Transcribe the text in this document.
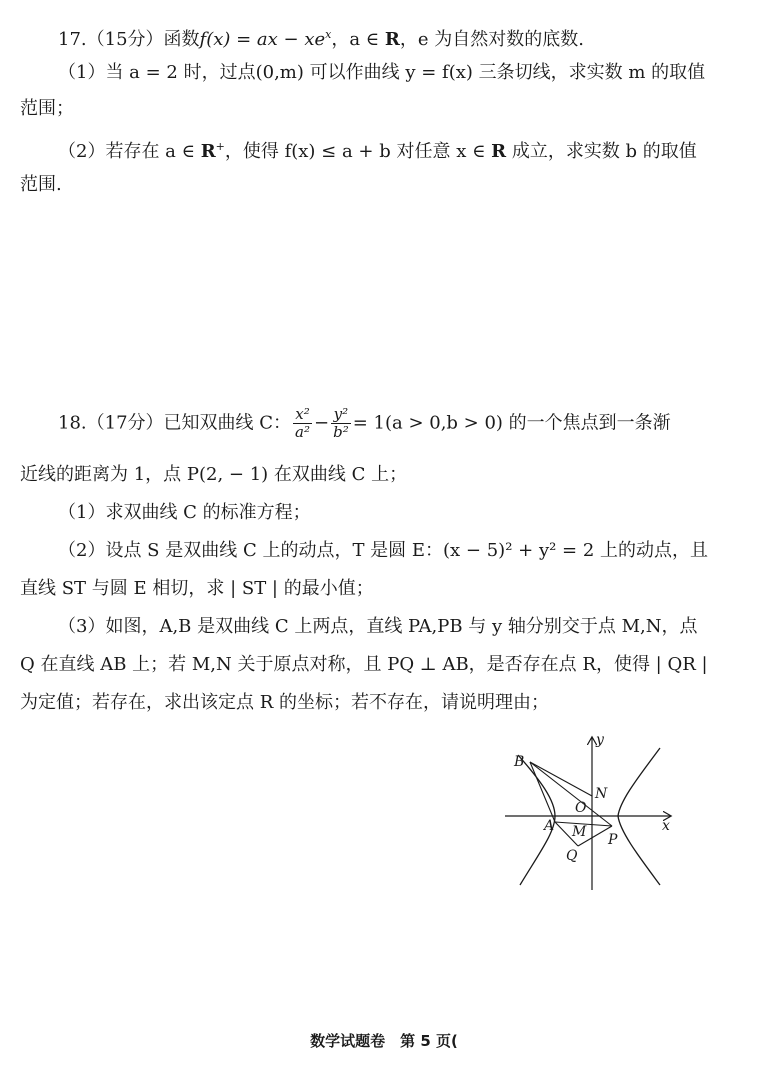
17.（15分）函数f(x) = ax − $xe^x$，a ∈ R，e 为自然对数的底数.
（1）当 a = 2 时，过点(0,m) 可以作曲线 y = f(x) 三条切线，求实数 m 的取值
范围；
（2）若存在 a ∈ R+，使得 f(x) ≤ a + b 对任意 x ∈ R 成立，求实数 b 的取值
范围.
18.（17分）已知双曲线 C： $\frac{\text{x²}}{\text{a²}} - \frac{\text{y²}}{\text{b²}} = 1(a > 0,b > 0)$ 的一个焦点到一条渐
近线的距离为 1，点 P(2, − 1) 在双曲线 C 上；
（1）求双曲线 C 的标准方程；
（2）设点 S 是双曲线 C 上的动点，T 是圆 E：(x − 5)² + y² = 2 上的动点，且
直线 ST 与圆 E 相切，求 | ST | 的最小值；
（3）如图，A,B 是双曲线 C 上两点，直线 PA,PB 与 y 轴分别交于点 M,N，点
Q 在直线 AB 上；若 M,N 关于原点对称，且 PQ ⊥ AB，是否存在点 R，使得 | QR |
为定值；若存在，求出该定点 R 的坐标；若不存在，请说明理由；
y
x
B
N
O
A M P
Q
数学试题卷　第 5 页(
